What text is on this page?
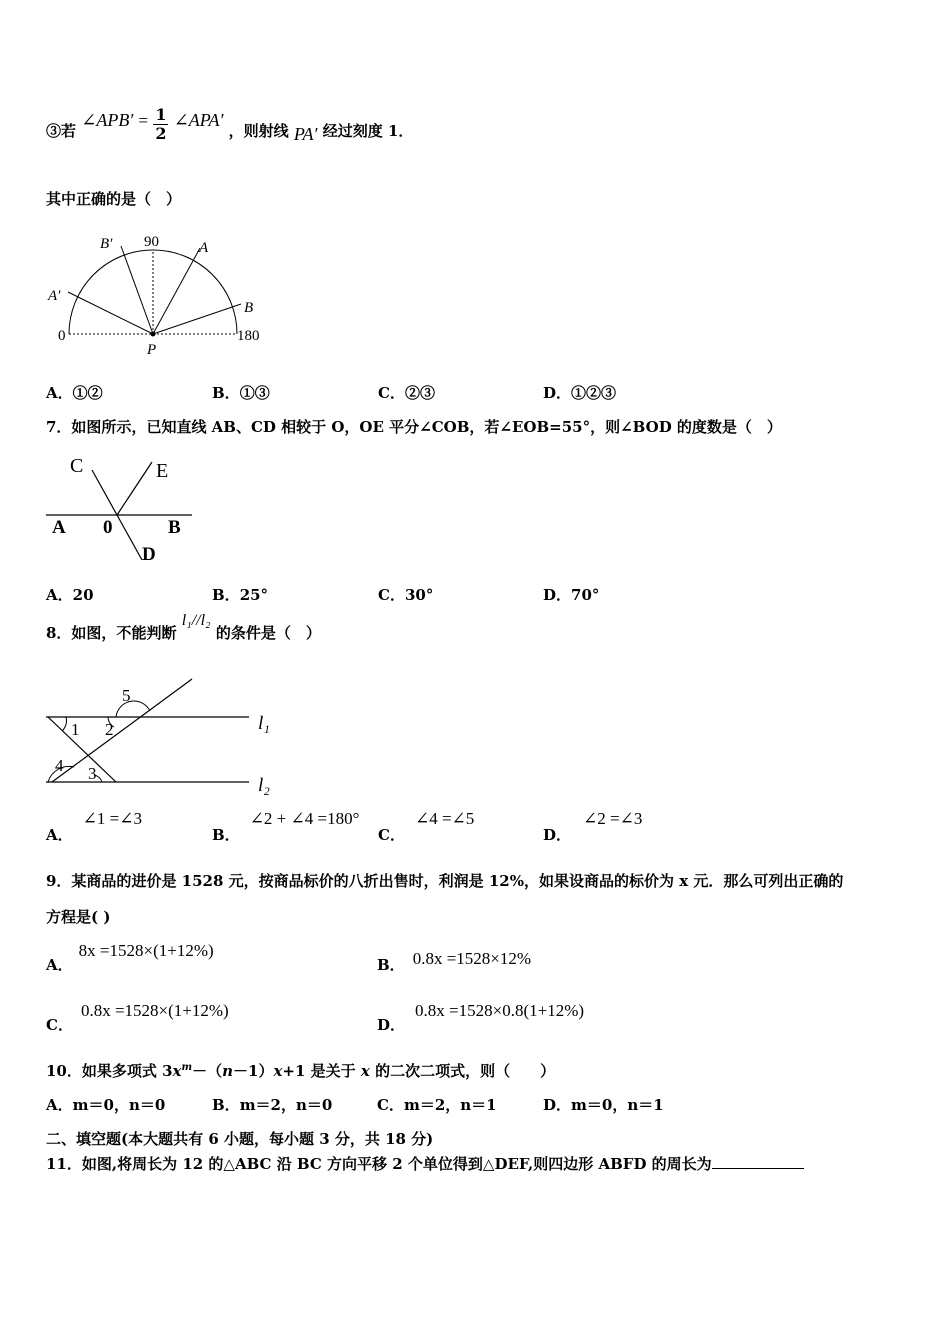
③若 ∠APB′ = $\frac{1}{2}$ ∠APA′ ，则射线 PA′ 经过刻度 1．
其中正确的是（　）
B′ 90	A
A′
B
0	180
P
A．①②	B．①③	C．②③	D．①②③
7．如图所示，已知直线 AB、CD 相较于 O，OE 平分∠COB，若∠EOB=55°，则∠BOD 的度数是（　）
C	E
A 0	B
D
A．20	B．25°	C．30°	D．70°
8．如图，不能判断 l₁//l₂ 的条件是（　）
5
1 2
4 3
l₁
l₂
A．∠1 =∠3
B．∠2 + ∠4 =180°
C．∠4 =∠5
D．∠2 =∠3
9．某商品的进价是 1528 元，按商品标价的八折出售时，利润是 12%，如果设商品的标价为 x 元．那么可列出正确的
方程是( )
A．8x =1528×(1+12%)
B． 0.8x =1528×12%
C．0.8x =1528×(1+12%)
D．0.8x =1528×0.8(1+12%)
10．如果多项式 $3x^m-(n-1)x+1$ 是关于 x 的二次二项式，则（　　）
A．m＝0，n＝0	B．m＝2，n＝0	C．m＝2，n＝1	D．m＝0，n＝1
二、填空题(本大题共有 6 小题，每小题 3 分，共 18 分)
11．如图,将周长为 12 的△ABC 沿 BC 方向平移 2 个单位得到△DEF,则四边形 ABFD 的周长为
